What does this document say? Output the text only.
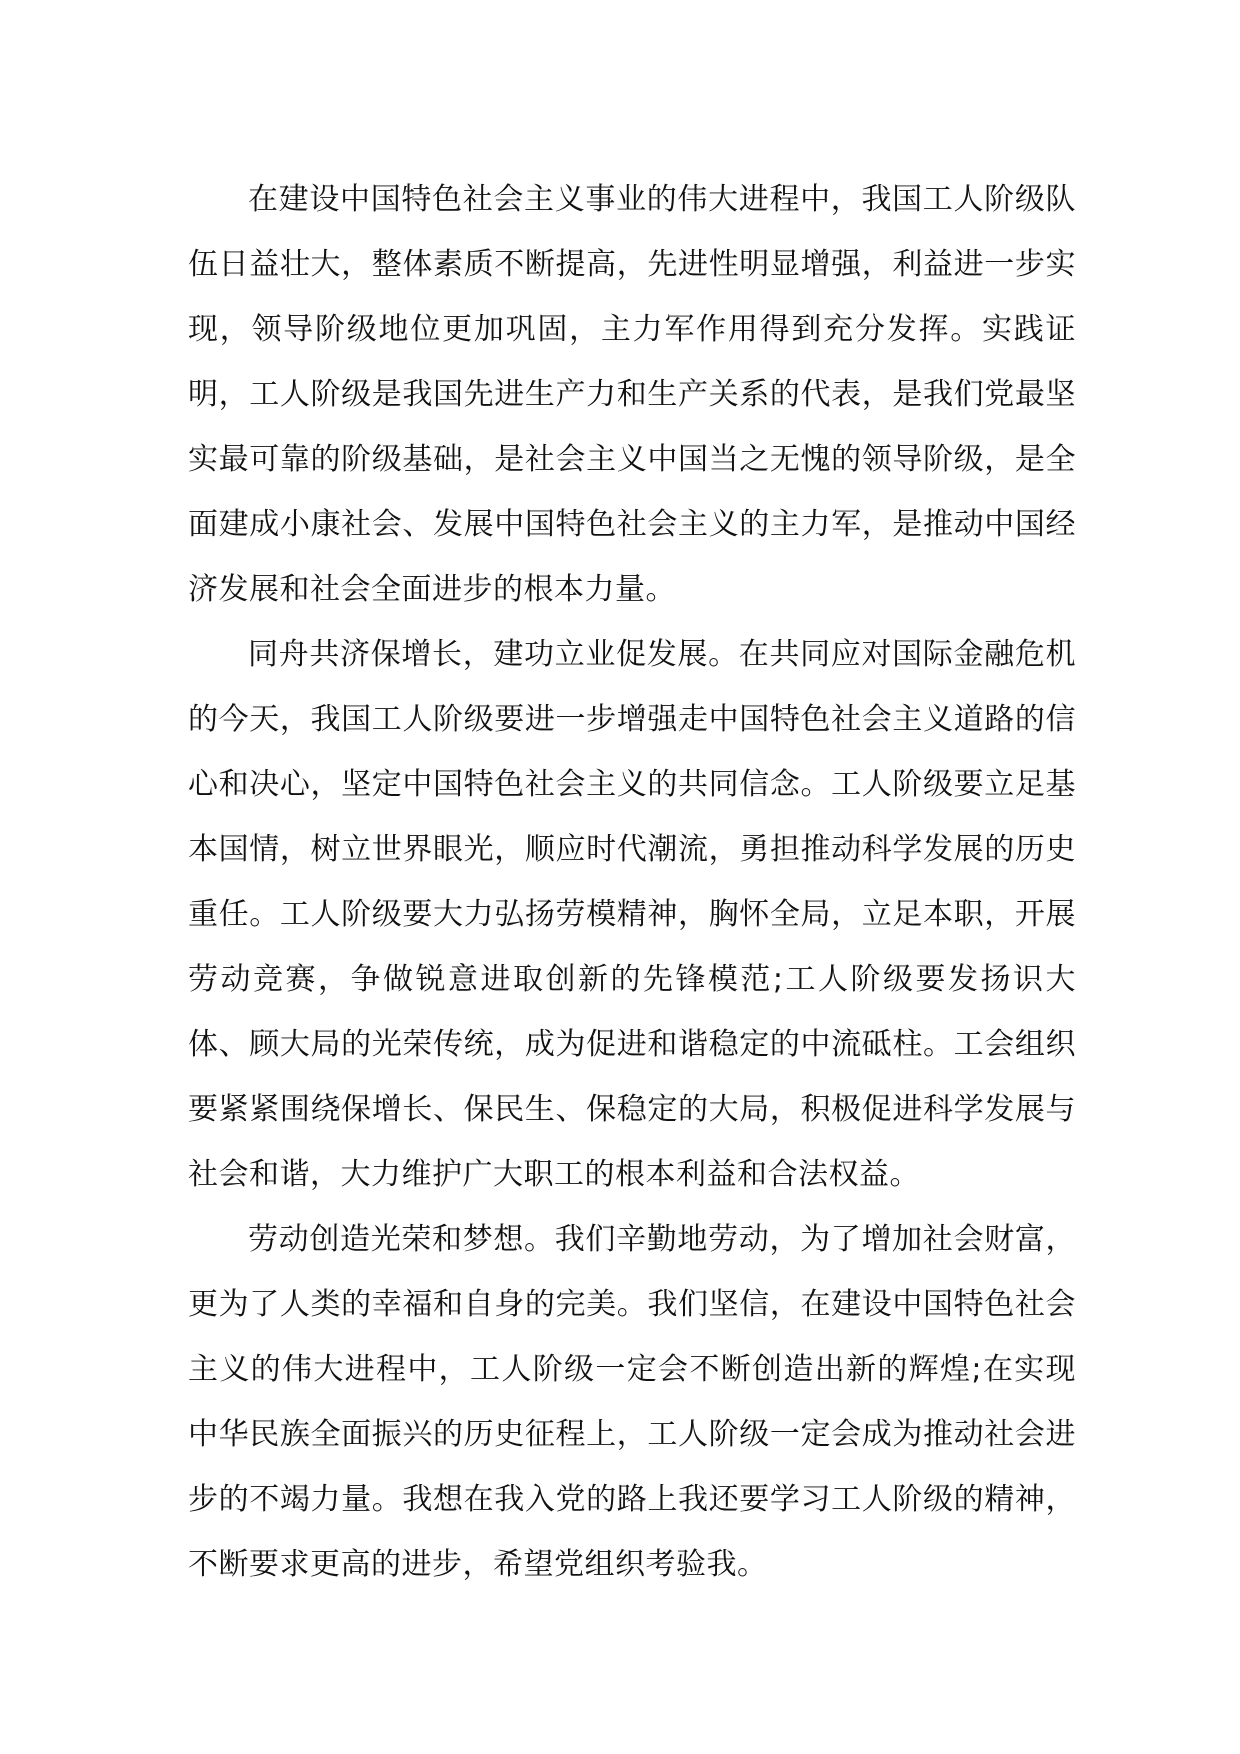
在建设中国特色社会主义事业的伟大进程中，我国工人阶级队伍日益壮大，整体素质不断提高，先进性明显增强，利益进一步实现，领导阶级地位更加巩固，主力军作用得到充分发挥。实践证明，工人阶级是我国先进生产力和生产关系的代表，是我们党最坚实最可靠的阶级基础，是社会主义中国当之无愧的领导阶级，是全面建成小康社会、发展中国特色社会主义的主力军，是推动中国经济发展和社会全面进步的根本力量。

同舟共济保增长，建功立业促发展。在共同应对国际金融危机的今天，我国工人阶级要进一步增强走中国特色社会主义道路的信心和决心，坚定中国特色社会主义的共同信念。工人阶级要立足基本国情，树立世界眼光，顺应时代潮流，勇担推动科学发展的历史重任。工人阶级要大力弘扬劳模精神，胸怀全局，立足本职，开展劳动竞赛，争做锐意进取创新的先锋模范;工人阶级要发扬识大体、顾大局的光荣传统，成为促进和谐稳定的中流砥柱。工会组织要紧紧围绕保增长、保民生、保稳定的大局，积极促进科学发展与社会和谐，大力维护广大职工的根本利益和合法权益。

劳动创造光荣和梦想。我们辛勤地劳动，为了增加社会财富，更为了人类的幸福和自身的完美。我们坚信，在建设中国特色社会主义的伟大进程中，工人阶级一定会不断创造出新的辉煌;在实现中华民族全面振兴的历史征程上，工人阶级一定会成为推动社会进步的不竭力量。我想在我入党的路上我还要学习工人阶级的精神，不断要求更高的进步，希望党组织考验我。
